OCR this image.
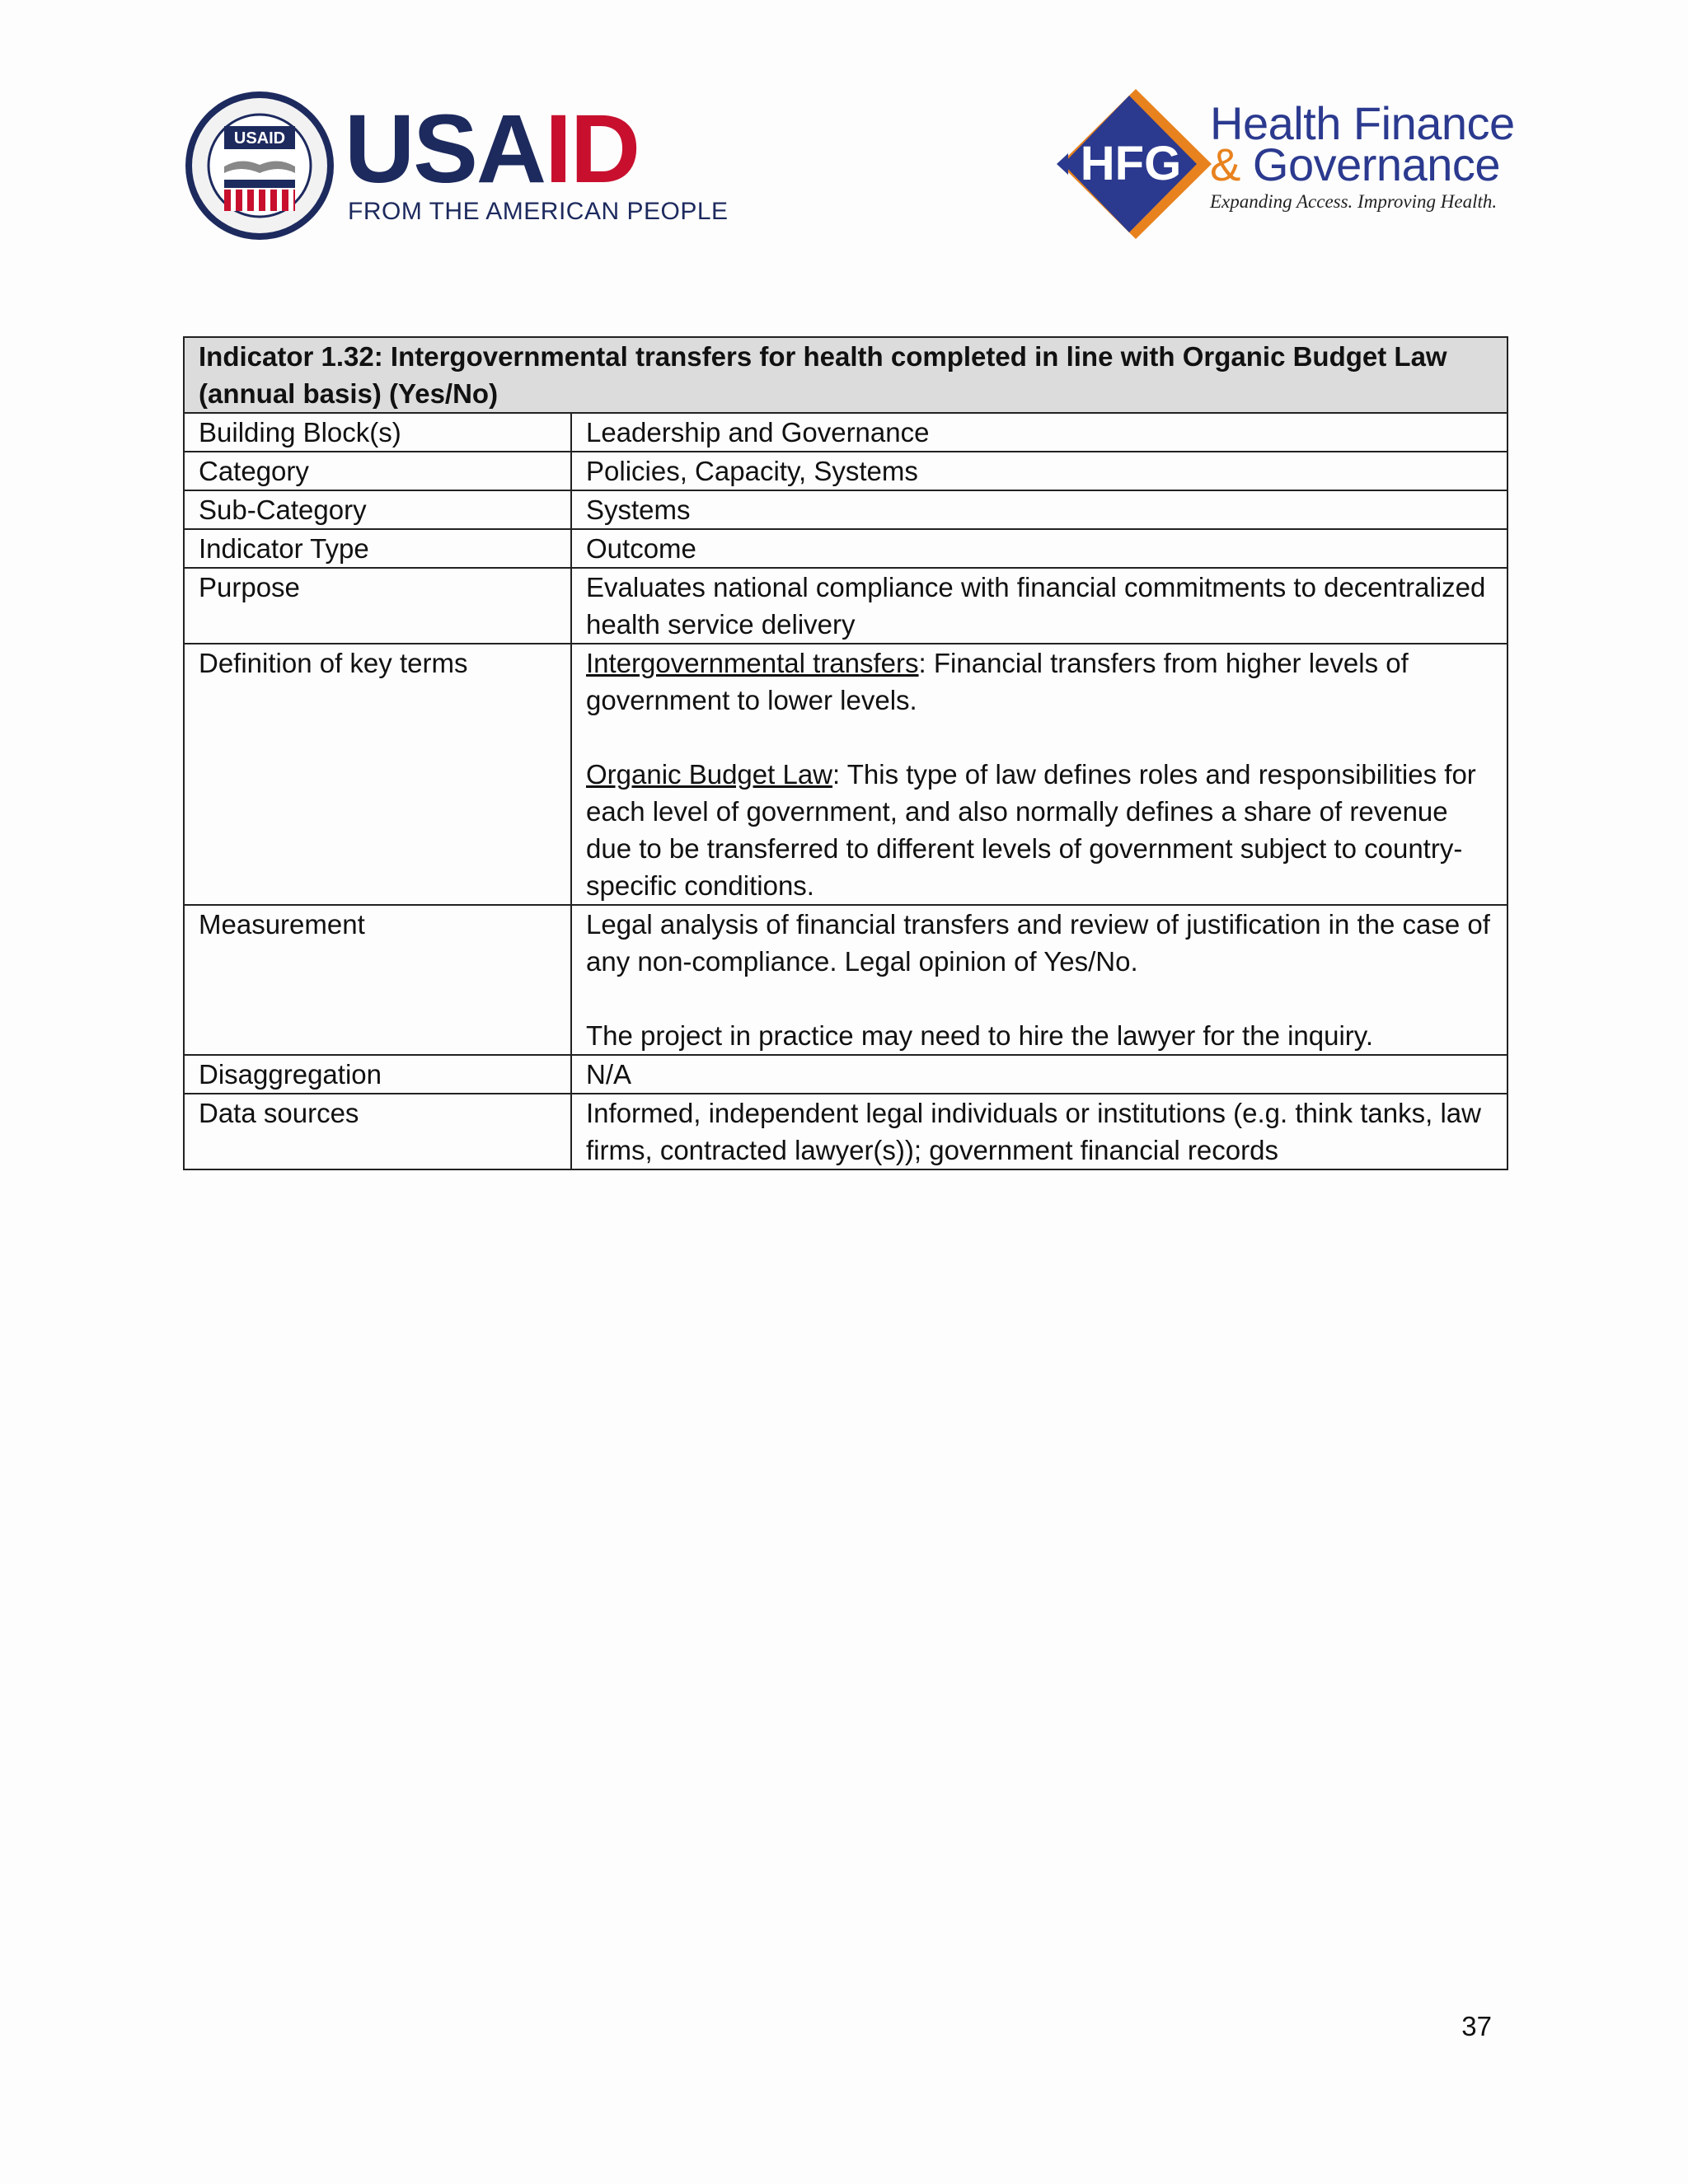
USAID USAID
FROM THE AMERICAN PEOPLE
HFG
Health Finance
& Governance
Expanding Access. Improving Health.
Indicator 1.32: Intergovernmental transfers for health completed in line with Organic Budget Law (annual basis) (Yes/No)	
Building Block(s)	Leadership and Governance
Category	Policies, Capacity, Systems
Sub-Category	Systems
Indicator Type	Outcome
Purpose	Evaluates national compliance with financial commitments to decentralized health service delivery
Definition of key terms	Intergovernmental transfers: Financial transfers from higher levels of government to lower levels.
Organic Budget Law: This type of law defines roles and responsibilities for each level of government, and also normally defines a share of revenue due to be transferred to different levels of government subject to country-specific conditions.

Measurement	Legal analysis of financial transfers and review of justification in the case of any non-compliance. Legal opinion of Yes/No.
The project in practice may need to hire the lawyer for the inquiry.

Disaggregation	N/A
Data sources	Informed, independent legal individuals or institutions (e.g. think tanks, law firms, contracted lawyer(s)); government financial records
37
